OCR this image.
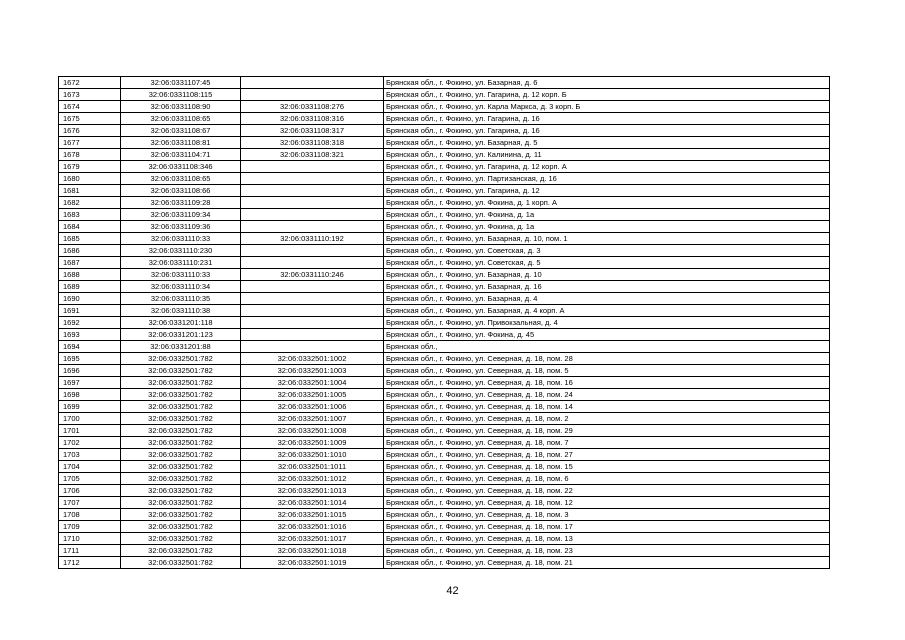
1672	32:06:0331107:45		Брянская обл., г. Фокино, ул. Базарная, д. 6
1673	32:06:0331108:115		Брянская обл., г. Фокино, ул. Гагарина, д. 12 корп. Б
1674	32:06:0331108:90	32:06:0331108:276	Брянская обл., г. Фокино, ул. Карла Маркса, д. 3 корп. Б
1675	32:06:0331108:65	32:06:0331108:316	Брянская обл., г. Фокино, ул. Гагарина, д. 16
1676	32:06:0331108:67	32:06:0331108:317	Брянская обл., г. Фокино, ул. Гагарина, д. 16
1677	32:06:0331108:81	32:06:0331108:318	Брянская обл., г. Фокино, ул. Базарная, д. 5
1678	32:06:0331104:71	32:06:0331108:321	Брянская обл., г. Фокино, ул. Калинина, д. 11
1679	32:06:0331108:346		Брянская обл., г. Фокино, ул. Гагарина, д. 12 корп. А
1680	32:06:0331108:65		Брянская обл., г. Фокино, ул. Партизанская, д. 16
1681	32:06:0331108:66		Брянская обл., г. Фокино, ул. Гагарина, д. 12
1682	32:06:0331109:28		Брянская обл., г. Фокино, ул. Фокина, д. 1 корп. А
1683	32:06:0331109:34		Брянская обл., г. Фокино, ул. Фокина, д. 1а
1684	32:06:0331109:36		Брянская обл., г. Фокино, ул. Фокина, д. 1а
1685	32:06:0331110:33	32:06:0331110:192	Брянская обл., г. Фокино, ул. Базарная, д. 10, пом. 1
1686	32:06:0331110:230		Брянская обл., г. Фокино, ул. Советская, д. 3
1687	32:06:0331110:231		Брянская обл., г. Фокино, ул. Советская, д. 5
1688	32:06:0331110:33	32:06:0331110:246	Брянская обл., г. Фокино, ул. Базарная, д. 10
1689	32:06:0331110:34		Брянская обл., г. Фокино, ул. Базарная, д. 16
1690	32:06:0331110:35		Брянская обл., г. Фокино, ул. Базарная, д. 4
1691	32:06:0331110:38		Брянская обл., г. Фокино, ул. Базарная, д. 4 корп. А
1692	32:06:0331201:118		Брянская обл., г. Фокино, ул. Привокзальная, д. 4
1693	32:06:0331201:123		Брянская обл., г. Фокино, ул. Фокина, д. 45
1694	32:06:0331201:88		Брянская обл.,
1695	32:06:0332501:782	32:06:0332501:1002	Брянская обл., г. Фокино, ул. Северная, д. 18, пом. 28
1696	32:06:0332501:782	32:06:0332501:1003	Брянская обл., г. Фокино, ул. Северная, д. 18, пом. 5
1697	32:06:0332501:782	32:06:0332501:1004	Брянская обл., г. Фокино, ул. Северная, д. 18, пом. 16
1698	32:06:0332501:782	32:06:0332501:1005	Брянская обл., г. Фокино, ул. Северная, д. 18, пом. 24
1699	32:06:0332501:782	32:06:0332501:1006	Брянская обл., г. Фокино, ул. Северная, д. 18, пом. 14
1700	32:06:0332501:782	32:06:0332501:1007	Брянская обл., г. Фокино, ул. Северная, д. 18, пом. 2
1701	32:06:0332501:782	32:06:0332501:1008	Брянская обл., г. Фокино, ул. Северная, д. 18, пом. 29
1702	32:06:0332501:782	32:06:0332501:1009	Брянская обл., г. Фокино, ул. Северная, д. 18, пом. 7
1703	32:06:0332501:782	32:06:0332501:1010	Брянская обл., г. Фокино, ул. Северная, д. 18, пом. 27
1704	32:06:0332501:782	32:06:0332501:1011	Брянская обл., г. Фокино, ул. Северная, д. 18, пом. 15
1705	32:06:0332501:782	32:06:0332501:1012	Брянская обл., г. Фокино, ул. Северная, д. 18, пом. 6
1706	32:06:0332501:782	32:06:0332501:1013	Брянская обл., г. Фокино, ул. Северная, д. 18, пом. 22
1707	32:06:0332501:782	32:06:0332501:1014	Брянская обл., г. Фокино, ул. Северная, д. 18, пом. 12
1708	32:06:0332501:782	32:06:0332501:1015	Брянская обл., г. Фокино, ул. Северная, д. 18, пом. 3
1709	32:06:0332501:782	32:06:0332501:1016	Брянская обл., г. Фокино, ул. Северная, д. 18, пом. 17
1710	32:06:0332501:782	32:06:0332501:1017	Брянская обл., г. Фокино, ул. Северная, д. 18, пом. 13
1711	32:06:0332501:782	32:06:0332501:1018	Брянская обл., г. Фокино, ул. Северная, д. 18, пом. 23
1712	32:06:0332501:782	32:06:0332501:1019	Брянская обл., г. Фокино, ул. Северная, д. 18, пом. 21
42
